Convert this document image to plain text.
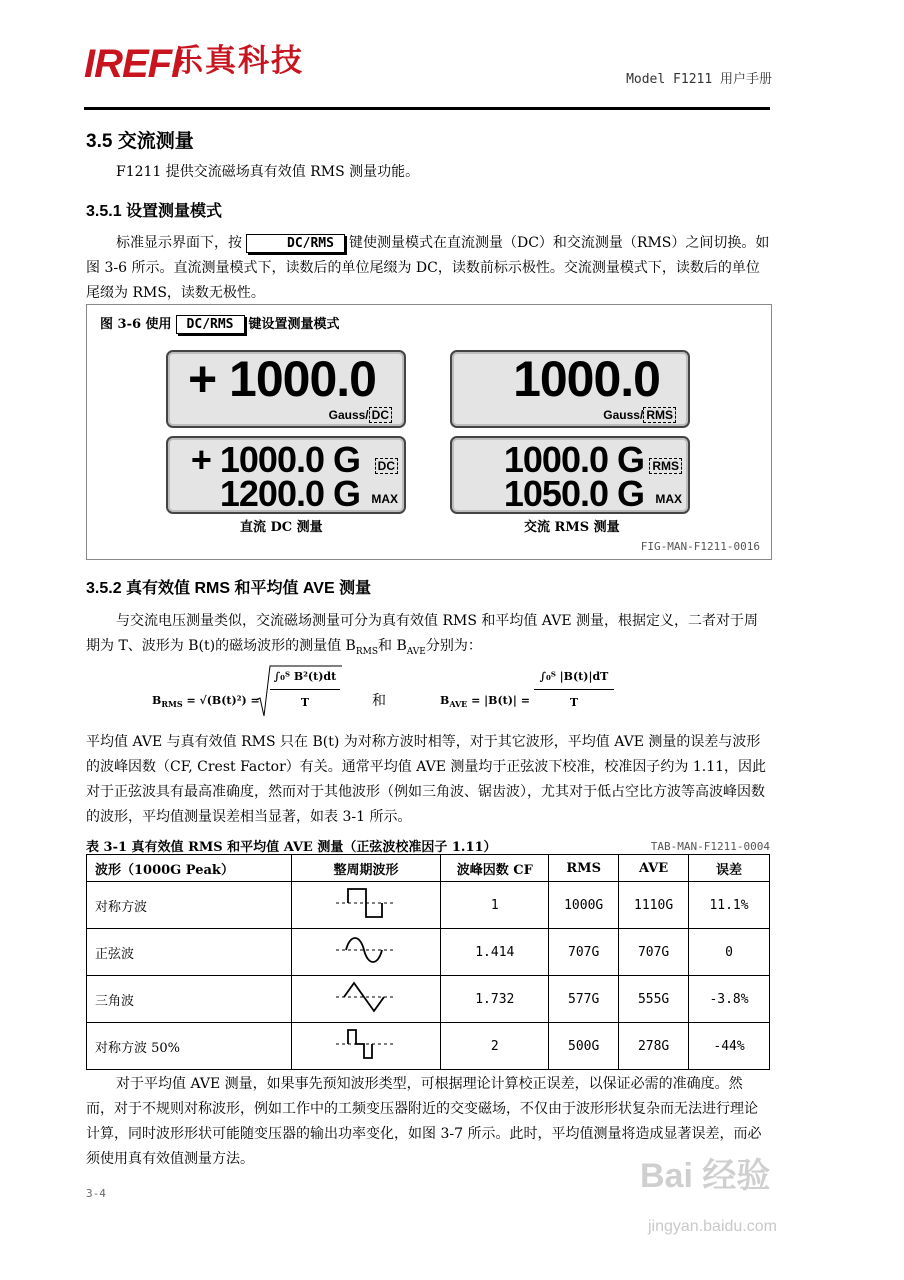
IREFI
乐真科技
Model F1211 用户手册
3.5 交流测量
F1211 提供交流磁场真有效值 RMS 测量功能。
3.5.1 设置测量模式
标准显示界面下，按	DC/RMS 键使测量模式在直流测量（DC）和交流测量（RMS）之间切换。如图 3-6 所示。直流测量模式下，读数后的单位尾缀为 DC，读数前标示极性。交流测量模式下，读数后的单位尾缀为 RMS，读数无极性。
图 3-6 使用 DC/RMS 键设置测量模式
+ 1000.0
Gauss/ DC
1000.0
Gauss/ RMS
+ 1000.0 G DC
1200.0 G MAX
1000.0 G RMS
1050.0 G MAX
直流 DC 测量	交流 RMS 测量
FIG-MAN-F1211-0016
3.5.2 真有效值 RMS 和平均值 AVE 测量
与交流电压测量类似，交流磁场测量可分为真有效值 RMS 和平均值 AVE 测量，根据定义，二者对于周期为 T、波形为 B(t)的磁场波形的测量值 $B_{RMS}$和 $B_{AVE}$分别为：
$B_{RMS} = √(B(t)^2) = \frac{\text{∫₀ᵀ B²(t)dt}}{T}$ 和	$B_{AVE} = |B(t)| = \frac{\text{∫₀ᵀ |B(t)|dT}}{T}$
平均值 AVE 与真有效值 RMS 只在 B(t) 为对称方波时相等，对于其它波形，平均值 AVE 测量的误差与波形的波峰因数（CF, Crest Factor）有关。通常平均值 AVE 测量均于正弦波下校准，校准因子约为 1.11，因此对于正弦波具有最高准确度，然而对于其他波形（例如三角波、锯齿波），尤其对于低占空比方波等高波峰因数的波形，平均值测量误差相当显著，如表 3-1 所示。
表 3-1 真有效值 RMS 和平均值 AVE 测量（正弦波校准因子 1.11）	TAB-MAN-F1211-0004
波形（1000G Peak）	整周期波形	波峰因数 CF	RMS	AVE	误差
对称方波		1	1000G	1110G	11.1%
正弦波		1.414	707G	707G	0
三角波		1.732	577G	555G	-3.8%
对称方波 50%		2	500G	278G	-44%
对于平均值 AVE 测量，如果事先预知波形类型，可根据理论计算校正误差，以保证必需的准确度。然而，对于不规则对称波形，例如工作中的工频变压器附近的交变磁场，不仅由于波形形状复杂而无法进行理论计算，同时波形形状可能随变压器的输出功率变化，如图 3-7 所示。此时，平均值测量将造成显著误差，而必须使用真有效值测量方法。
3-4	Bai 经验
jingyan.baidu.com
